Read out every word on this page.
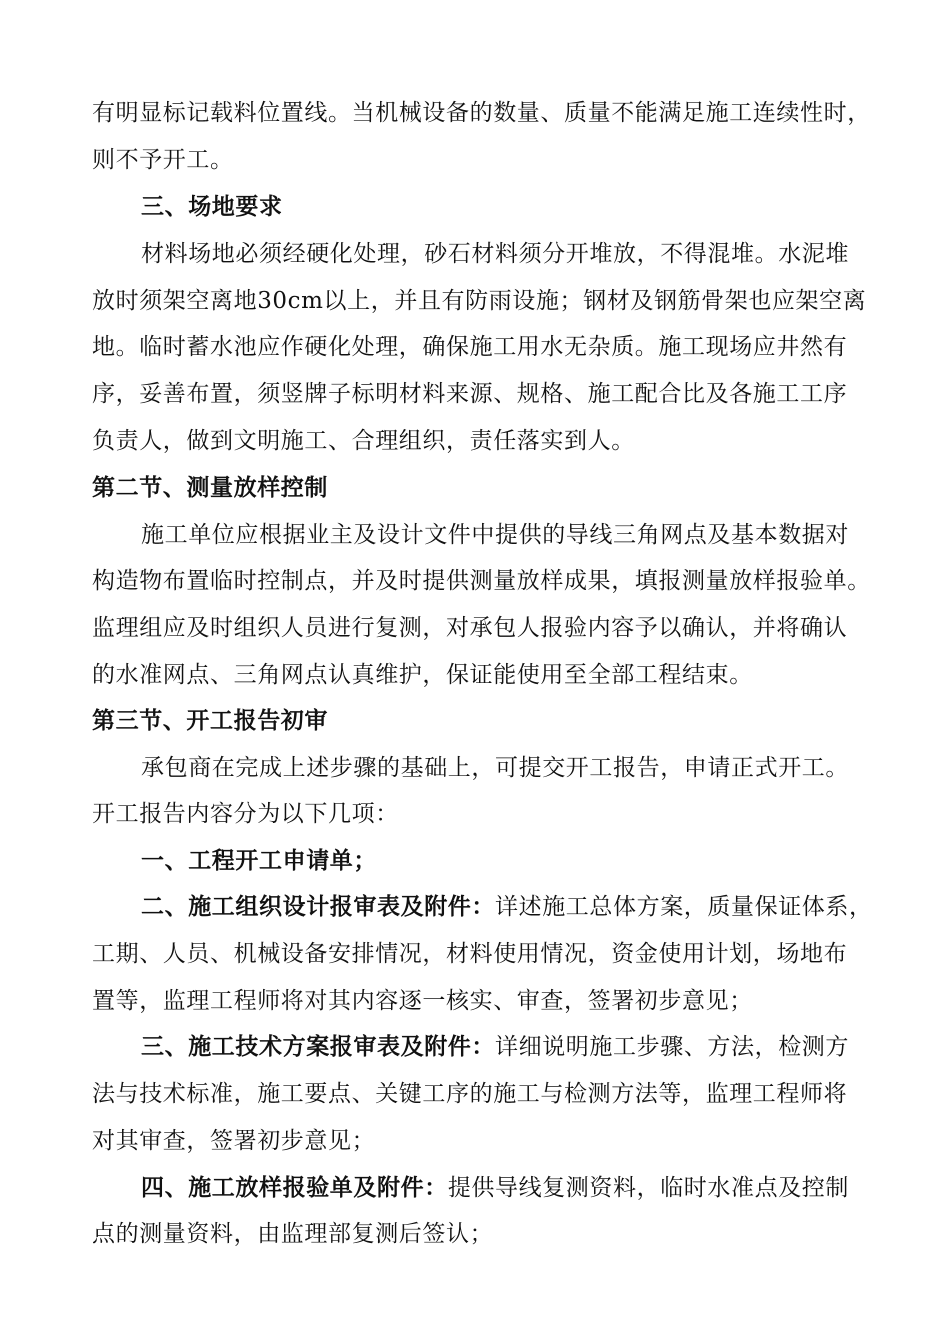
有明显标记载料位置线。当机械设备的数量、质量不能满足施工连续性时，
则不予开工。
三、场地要求
材料场地必须经硬化处理，砂石材料须分开堆放，不得混堆。水泥堆
放时须架空离地30cm以上，并且有防雨设施；钢材及钢筋骨架也应架空离
地。临时蓄水池应作硬化处理，确保施工用水无杂质。施工现场应井然有
序，妥善布置，须竖牌子标明材料来源、规格、施工配合比及各施工工序
负责人，做到文明施工、合理组织，责任落实到人。
第二节、测量放样控制
施工单位应根据业主及设计文件中提供的导线三角网点及基本数据对
构造物布置临时控制点，并及时提供测量放样成果，填报测量放样报验单。
监理组应及时组织人员进行复测，对承包人报验内容予以确认，并将确认
的水准网点、三角网点认真维护，保证能使用至全部工程结束。
第三节、开工报告初审
承包商在完成上述步骤的基础上，可提交开工报告，申请正式开工。
开工报告内容分为以下几项：
一、工程开工申请单；
二、施工组织设计报审表及附件：详述施工总体方案，质量保证体系，
工期、人员、机械设备安排情况，材料使用情况，资金使用计划，场地布
置等，监理工程师将对其内容逐一核实、审查，签署初步意见；
三、施工技术方案报审表及附件：详细说明施工步骤、方法，检测方
法与技术标准，施工要点、关键工序的施工与检测方法等，监理工程师将
对其审查，签署初步意见；
四、施工放样报验单及附件：提供导线复测资料，临时水准点及控制
点的测量资料，由监理部复测后签认；
